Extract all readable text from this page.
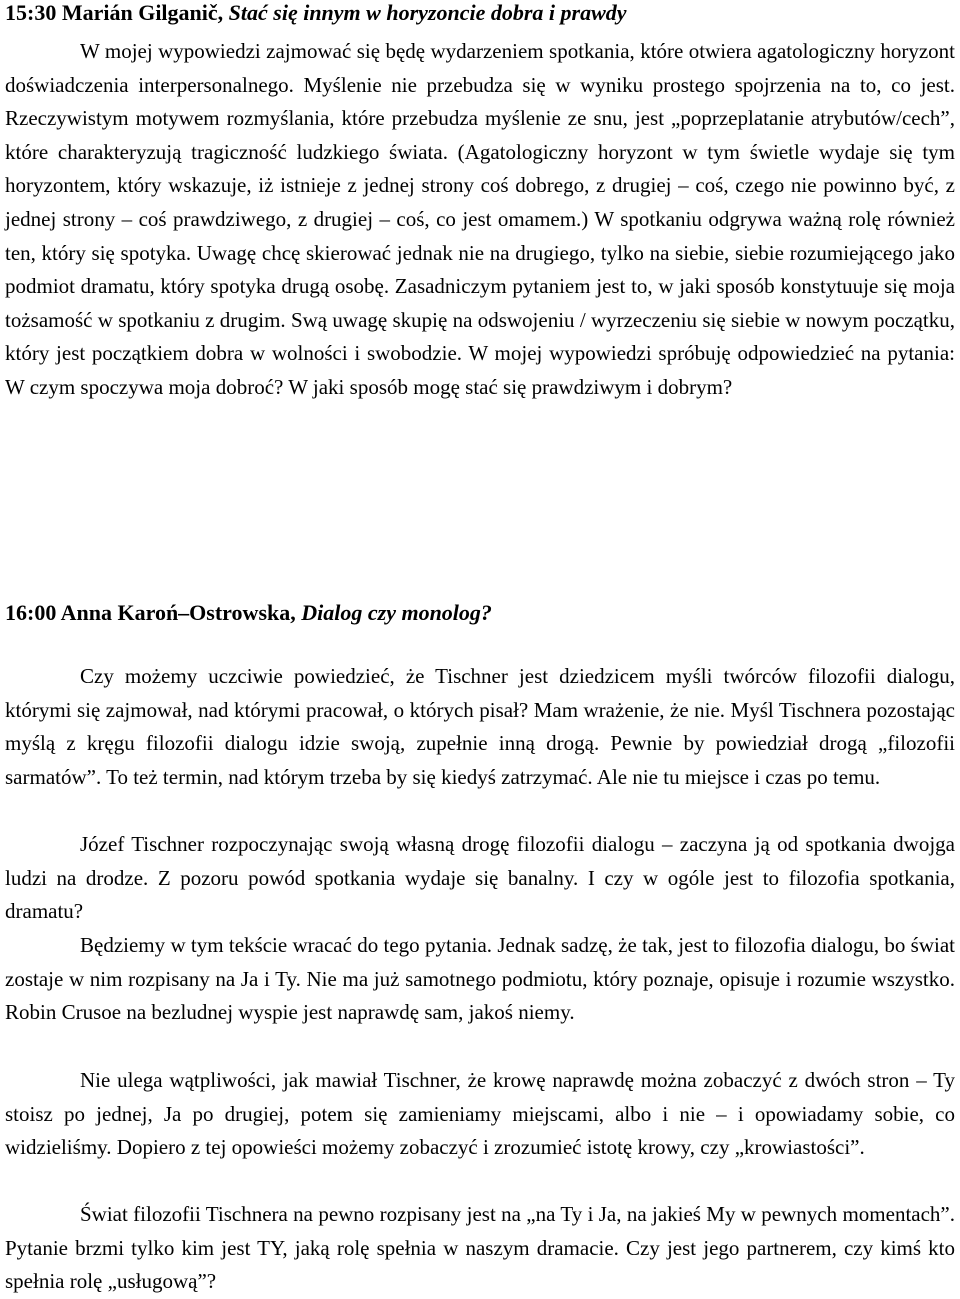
15:30 Marián Gilganič, Stać się innym w horyzoncie dobra i prawdy

W mojej wypowiedzi zajmować się będę wydarzeniem spotkania, które otwiera agatologiczny horyzont doświadczenia interpersonalnego. Myślenie nie przebudza się w wyniku prostego spojrzenia na to, co jest. Rzeczywistym motywem rozmyślania, które przebudza myślenie ze snu, jest „poprzeplatanie atrybutów/cech”, które charakteryzują tragiczność ludzkiego świata. (Agatologiczny horyzont w tym świetle wydaje się tym horyzontem, który wskazuje, iż istnieje z jednej strony coś dobrego, z drugiej – coś, czego nie powinno być, z jednej strony – coś prawdziwego, z drugiej – coś, co jest omamem.) W spotkaniu odgrywa ważną rolę również ten, który się spotyka. Uwagę chcę skierować jednak nie na drugiego, tylko na siebie, siebie rozumiejącego jako podmiot dramatu, który spotyka drugą osobę. Zasadniczym pytaniem jest to, w jaki sposób konstytuuje się moja tożsamość w spotkaniu z drugim. Swą uwagę skupię na odswojeniu / wyrzeczeniu się siebie w nowym początku, który jest początkiem dobra w wolności i swobodzie. W mojej wypowiedzi spróbuję odpowiedzieć na pytania: W czym spoczywa moja dobroć? W jaki sposób mogę stać się prawdziwym i dobrym?

16:00 Anna Karoń–Ostrowska, Dialog czy monolog?

Czy możemy uczciwie powiedzieć, że Tischner jest dziedzicem myśli twórców filozofii dialogu, którymi się zajmował, nad którymi pracował, o których pisał? Mam wrażenie, że nie. Myśl Tischnera pozostając myślą z kręgu filozofii dialogu idzie swoją, zupełnie inną drogą. Pewnie by powiedział drogą „filozofii sarmatów”. To też termin, nad którym trzeba by się kiedyś zatrzymać. Ale nie tu miejsce i czas po temu.

Józef Tischner rozpoczynając swoją własną drogę filozofii dialogu – zaczyna ją od spotkania dwojga ludzi na drodze. Z pozoru powód spotkania wydaje się banalny. I czy w ogóle jest to filozofia spotkania, dramatu?

Będziemy w tym tekście wracać do tego pytania. Jednak sadzę, że tak, jest to filozofia dialogu, bo świat zostaje w nim rozpisany na Ja i Ty. Nie ma już samotnego podmiotu, który poznaje, opisuje i rozumie wszystko. Robin Crusoe na bezludnej wyspie jest naprawdę sam, jakoś niemy.

Nie ulega wątpliwości, jak mawiał Tischner, że krowę naprawdę można zobaczyć z dwóch stron – Ty stoisz po jednej, Ja po drugiej, potem się zamieniamy miejscami, albo i nie – i opowiadamy sobie, co widzieliśmy. Dopiero z tej opowieści możemy zobaczyć i zrozumieć istotę krowy, czy „krowiastości”.

Świat filozofii Tischnera na pewno rozpisany jest na „na Ty i Ja, na jakieś My w pewnych momentach”. Pytanie brzmi tylko kim jest TY, jaką rolę spełnia w naszym dramacie. Czy jest jego partnerem, czy kimś kto spełnia rolę „usługową”?
